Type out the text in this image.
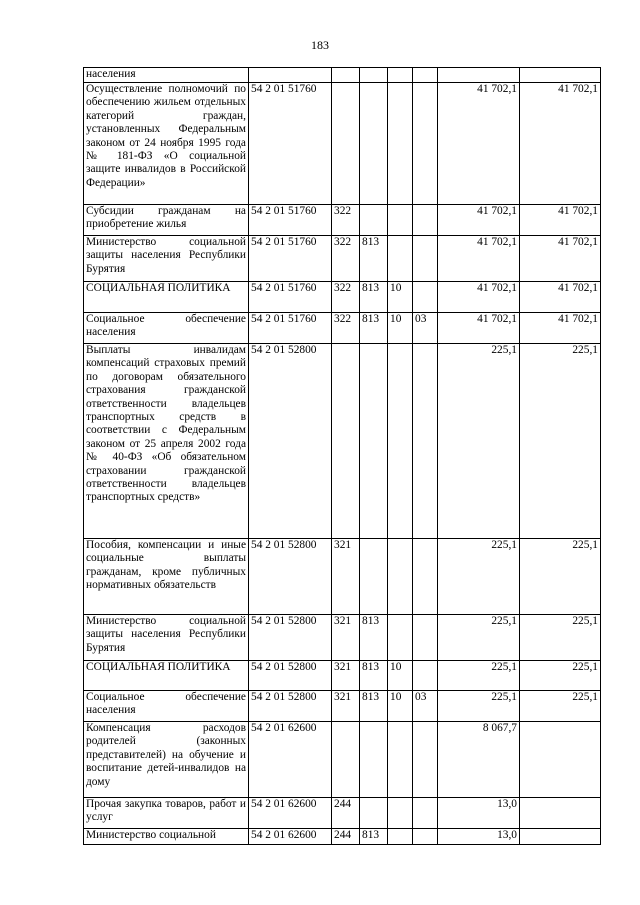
183
населения							

Осуществление полномочий по обеспечению жильем отдельных категорий граждан, установленных Федеральным законом от 24 ноября 1995 года № 181-ФЗ «О социальной защите инвалидов в Российской Федерации»	54 2 01 51760					41 702,1	41 702,1

Субсидии гражданам на приобретение жилья	54 2 01 51760	322				41 702,1	41 702,1

Министерство социальной защиты населения Республики Бурятия	54 2 01 51760	322	813			41 702,1	41 702,1

СОЦИАЛЬНАЯ ПОЛИТИКА	54 2 01 51760	322	813	10		41 702,1	41 702,1

Социальное обеспечение населения	54 2 01 51760	322	813	10	03	41 702,1	41 702,1

Выплаты инвалидам компенсаций страховых премий по договорам обязательного страхования гражданской ответственности владельцев транспортных средств в соответствии с Федеральным законом от 25 апреля 2002 года № 40-ФЗ «Об обязательном страховании гражданской ответственности владельцев транспортных средств»	54 2 01 52800					225,1	225,1

Пособия, компенсации и иные социальные выплаты гражданам, кроме публичных нормативных обязательств	54 2 01 52800	321				225,1	225,1

Министерство социальной защиты населения Республики Бурятия	54 2 01 52800	321	813			225,1	225,1

СОЦИАЛЬНАЯ ПОЛИТИКА	54 2 01 52800	321	813	10		225,1	225,1

Социальное обеспечение населения	54 2 01 52800	321	813	10	03	225,1	225,1

Компенсация расходов родителей (законных представителей) на обучение и воспитание детей-инвалидов на дому	54 2 01 62600					8 067,7	

Прочая закупка товаров, работ и услуг	54 2 01 62600	244				13,0	

Министерство социальной	54 2 01 62600	244	813			13,0	
